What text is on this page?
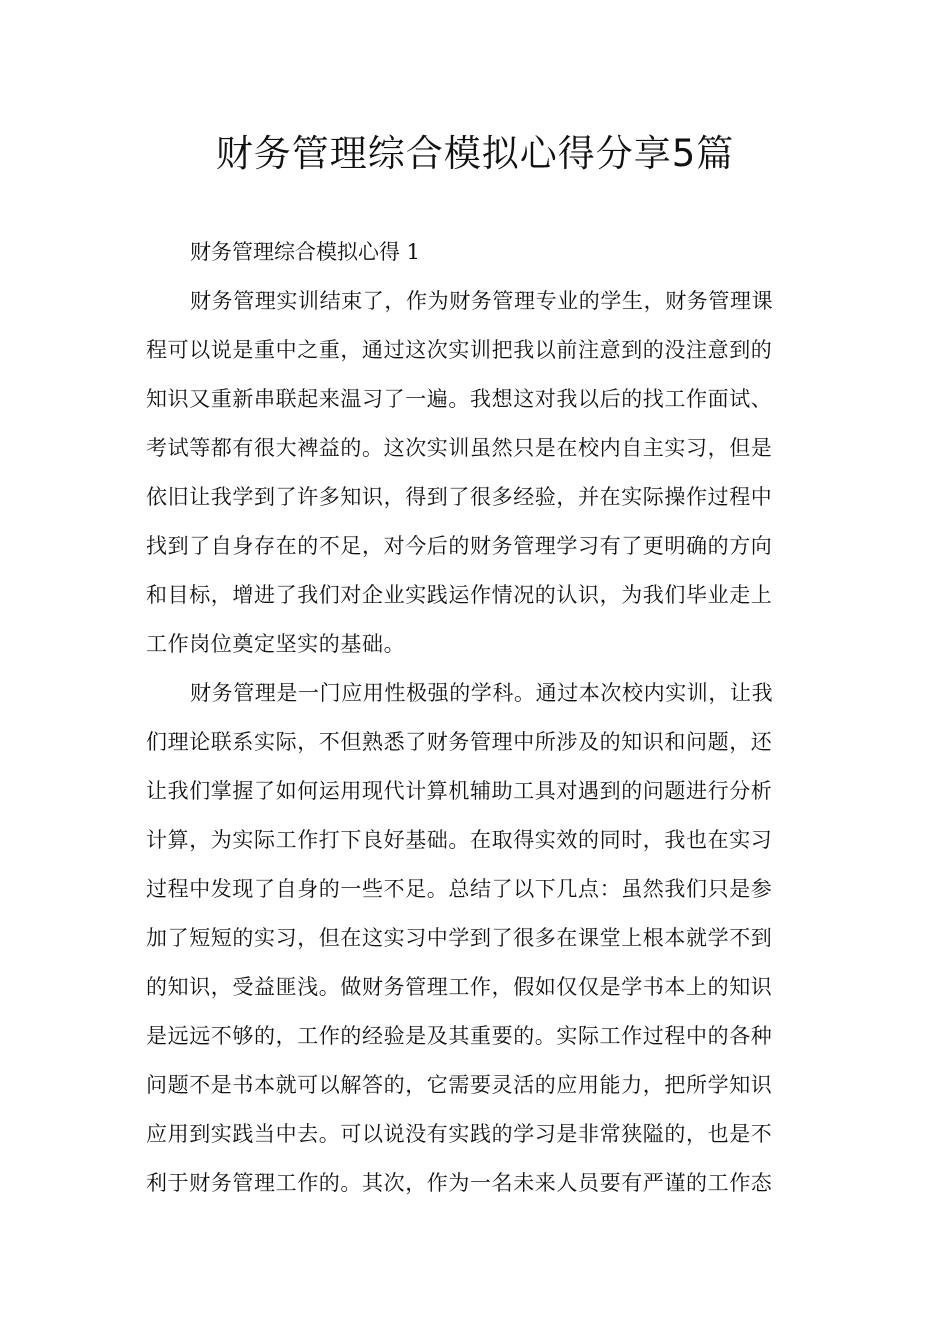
财务管理综合模拟心得分享5篇

财务管理综合模拟心得 1

财务管理实训结束了，作为财务管理专业的学生，财务管理课
程可以说是重中之重，通过这次实训把我以前注意到的没注意到的
知识又重新串联起来温习了一遍。我想这对我以后的找工作面试、
考试等都有很大裨益的。这次实训虽然只是在校内自主实习，但是
依旧让我学到了许多知识，得到了很多经验，并在实际操作过程中
找到了自身存在的不足，对今后的财务管理学习有了更明确的方向
和目标，增进了我们对企业实践运作情况的认识，为我们毕业走上
工作岗位奠定坚实的基础。

财务管理是一门应用性极强的学科。通过本次校内实训，让我
们理论联系实际，不但熟悉了财务管理中所涉及的知识和问题，还
让我们掌握了如何运用现代计算机辅助工具对遇到的问题进行分析
计算，为实际工作打下良好基础。在取得实效的同时，我也在实习
过程中发现了自身的一些不足。总结了以下几点：虽然我们只是参
加了短短的实习，但在这实习中学到了很多在课堂上根本就学不到
的知识，受益匪浅。做财务管理工作，假如仅仅是学书本上的知识
是远远不够的，工作的经验是及其重要的。实际工作过程中的各种
问题不是书本就可以解答的，它需要灵活的应用能力，把所学知识
应用到实践当中去。可以说没有实践的学习是非常狭隘的，也是不
利于财务管理工作的。其次，作为一名未来人员要有严谨的工作态
